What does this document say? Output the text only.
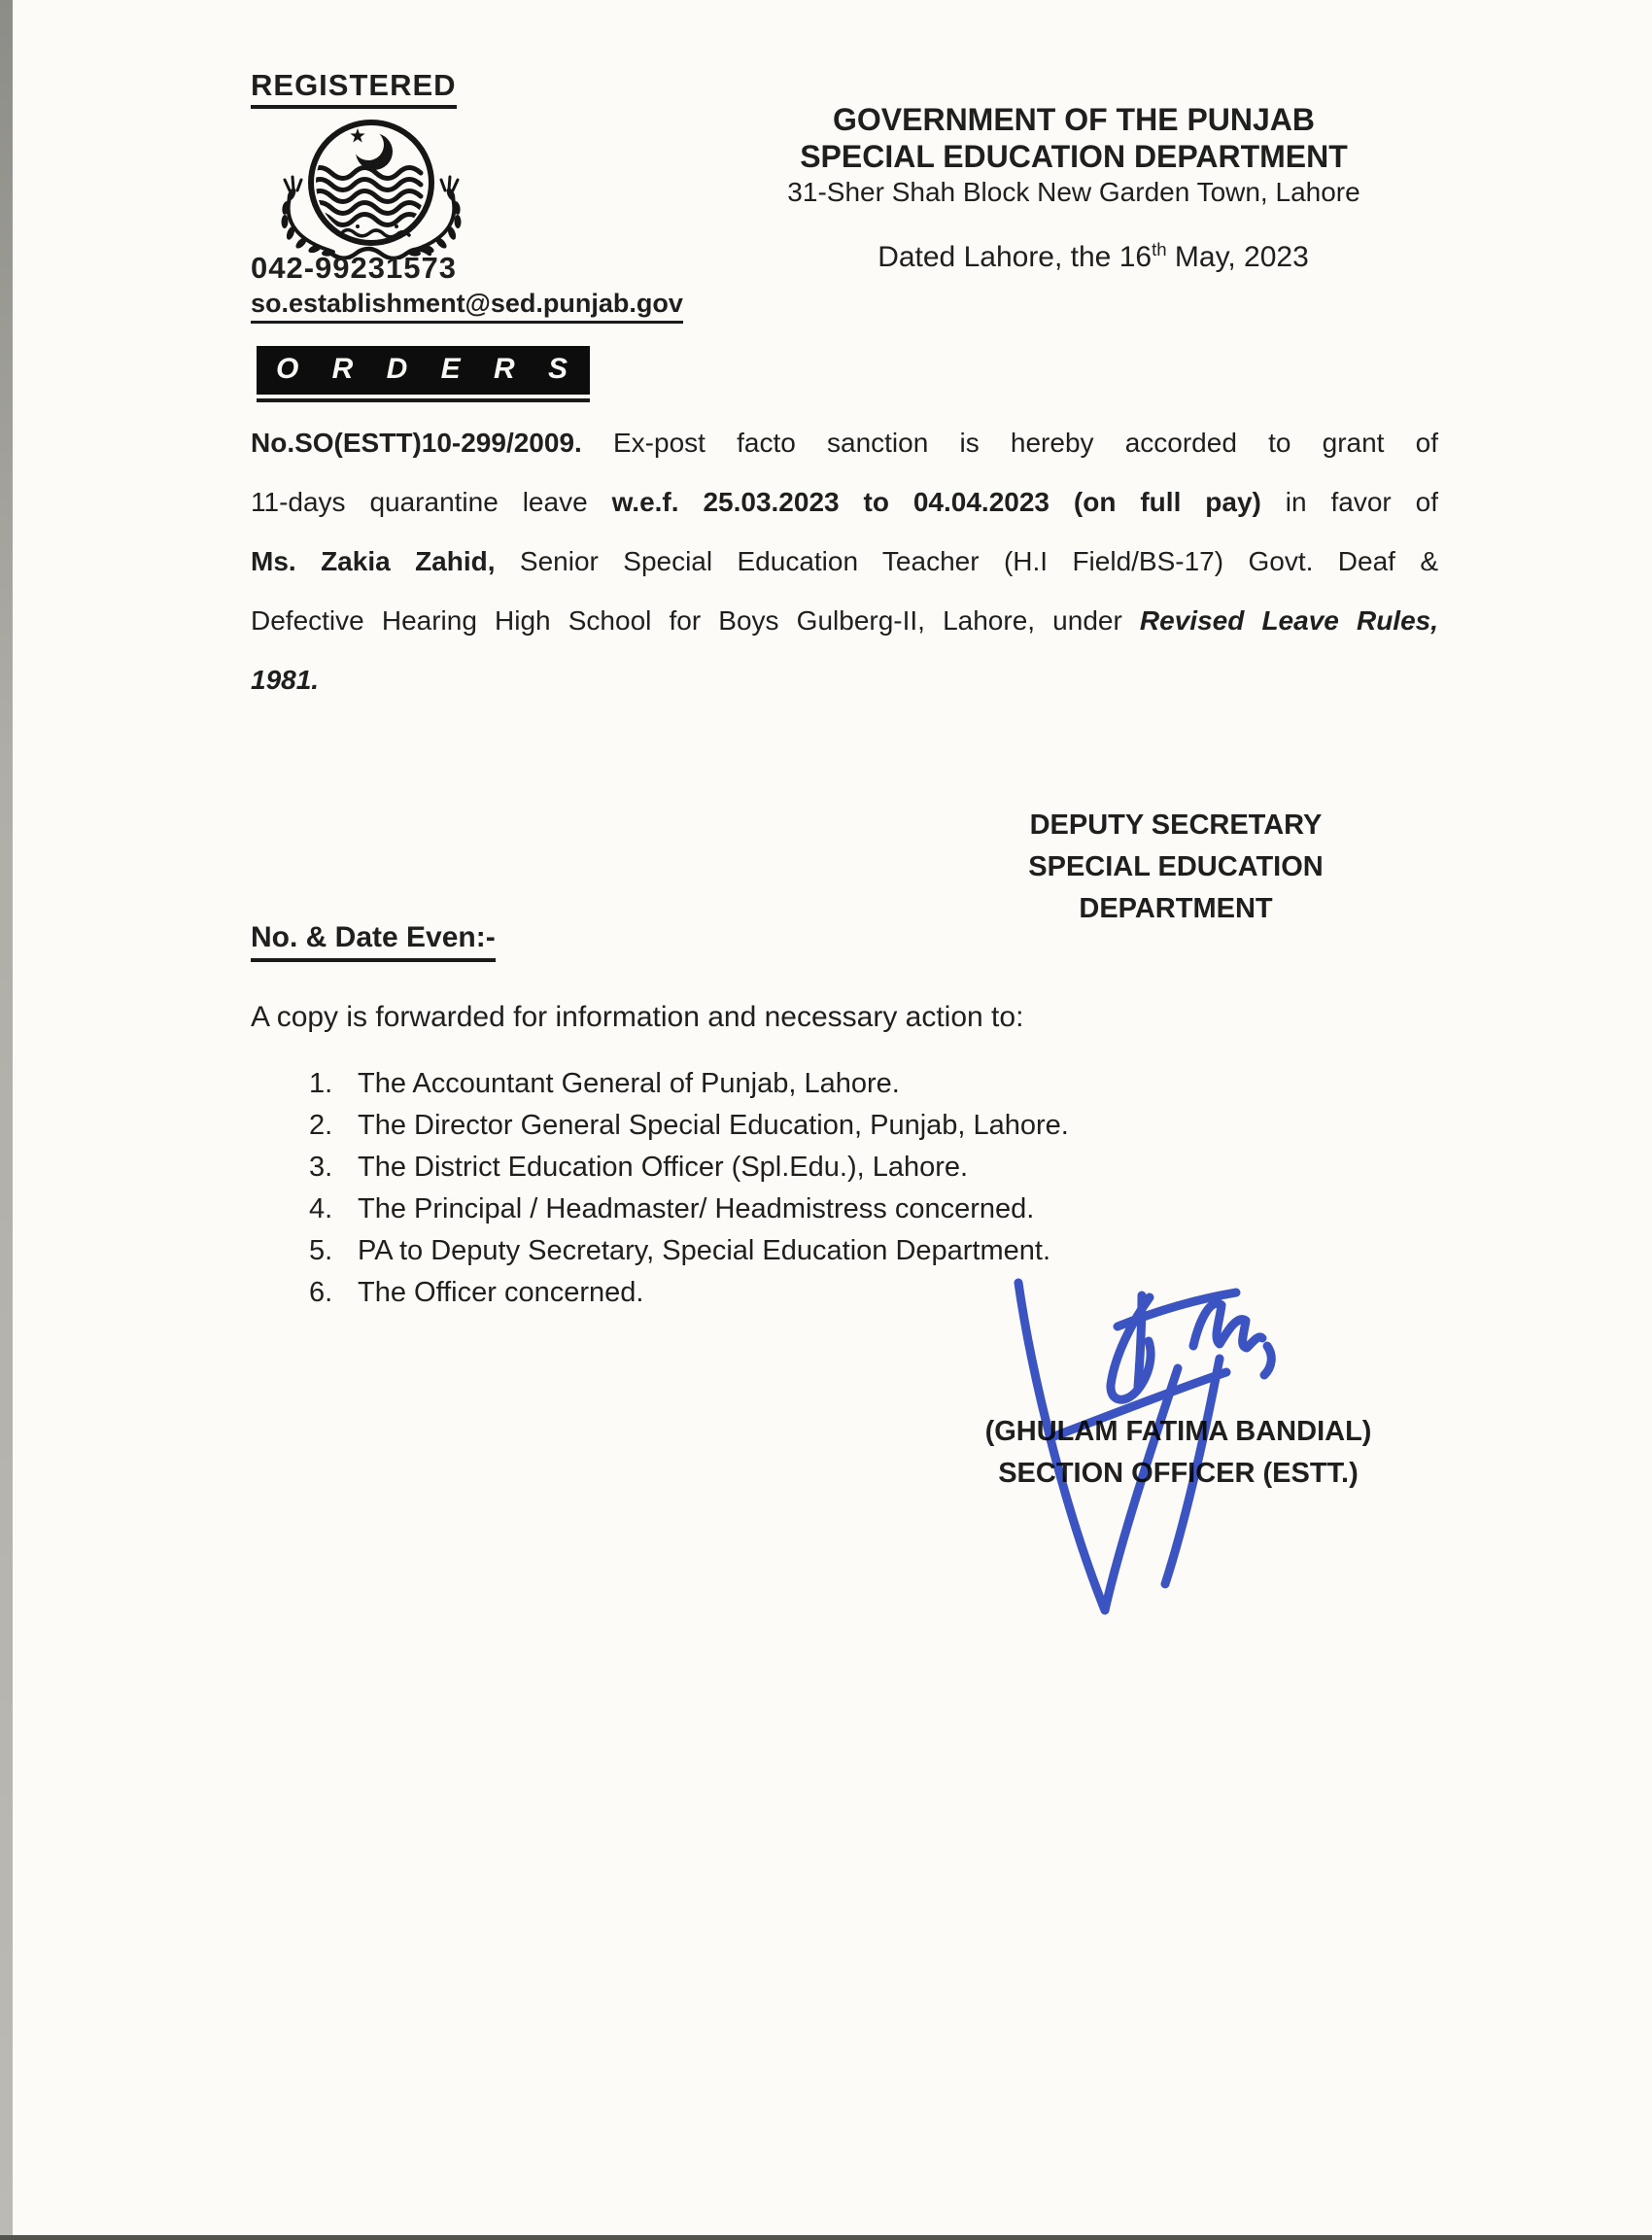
REGISTERED
042-99231573
so.establishment@sed.punjab.gov
GOVERNMENT OF THE PUNJAB
SPECIAL EDUCATION DEPARTMENT
31-Sher Shah Block New Garden Town, Lahore
Dated Lahore, the 16th May, 2023
O R D E R S
No.SO(ESTT)10-299/2009. Ex-post facto sanction is hereby accorded to grant of
11-days quarantine leave w.e.f. 25.03.2023 to 04.04.2023 (on full pay) in favor of
Ms. Zakia Zahid, Senior Special Education Teacher (H.I Field/BS-17) Govt. Deaf &
Defective Hearing High School for Boys Gulberg-II, Lahore, under Revised Leave Rules,
1981.
DEPUTY SECRETARY
SPECIAL EDUCATION
DEPARTMENT
No. & Date Even:-
A copy is forwarded for information and necessary action to:
1. The Accountant General of Punjab, Lahore.
2. The Director General Special Education, Punjab, Lahore.
3. The District Education Officer (Spl.Edu.), Lahore.
4. The Principal / Headmaster/ Headmistress concerned.
5. PA to Deputy Secretary, Special Education Department.
6. The Officer concerned.
(GHULAM FATIMA BANDIAL)
SECTION OFFICER (ESTT.)
